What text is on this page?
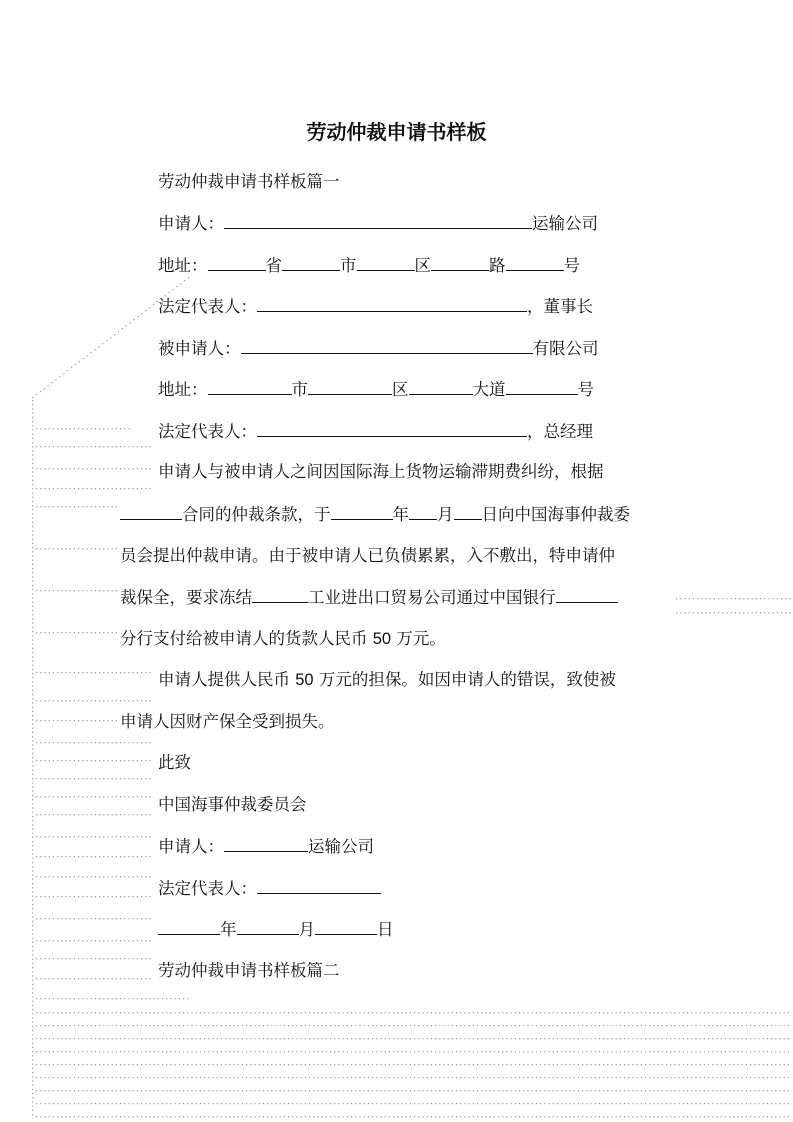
劳动仲裁申请书样板
劳动仲裁申请书样板篇一
申请人：	运输公司
地址：	省	市	区	路	号
法定代表人：	，董事长
被申请人：	有限公司
地址：	市	区	大道	号
法定代表人：	，总经理
申请人与被申请人之间因国际海上货物运输滞期费纠纷，根据
合同的仲裁条款，于	年 月 日向中国海事仲裁委
员会提出仲裁申请。由于被申请人已负债累累，入不敷出，特申请仲
裁保全，要求冻结	工业进出口贸易公司通过中国银行
分行支付给被申请人的货款人民币 50 万元。
申请人提供人民币 50 万元的担保。如因申请人的错误，致使被
申请人因财产保全受到损失。
此致
中国海事仲裁委员会
申请人：	运输公司
法定代表人：
年	月	日
劳动仲裁申请书样板篇二
